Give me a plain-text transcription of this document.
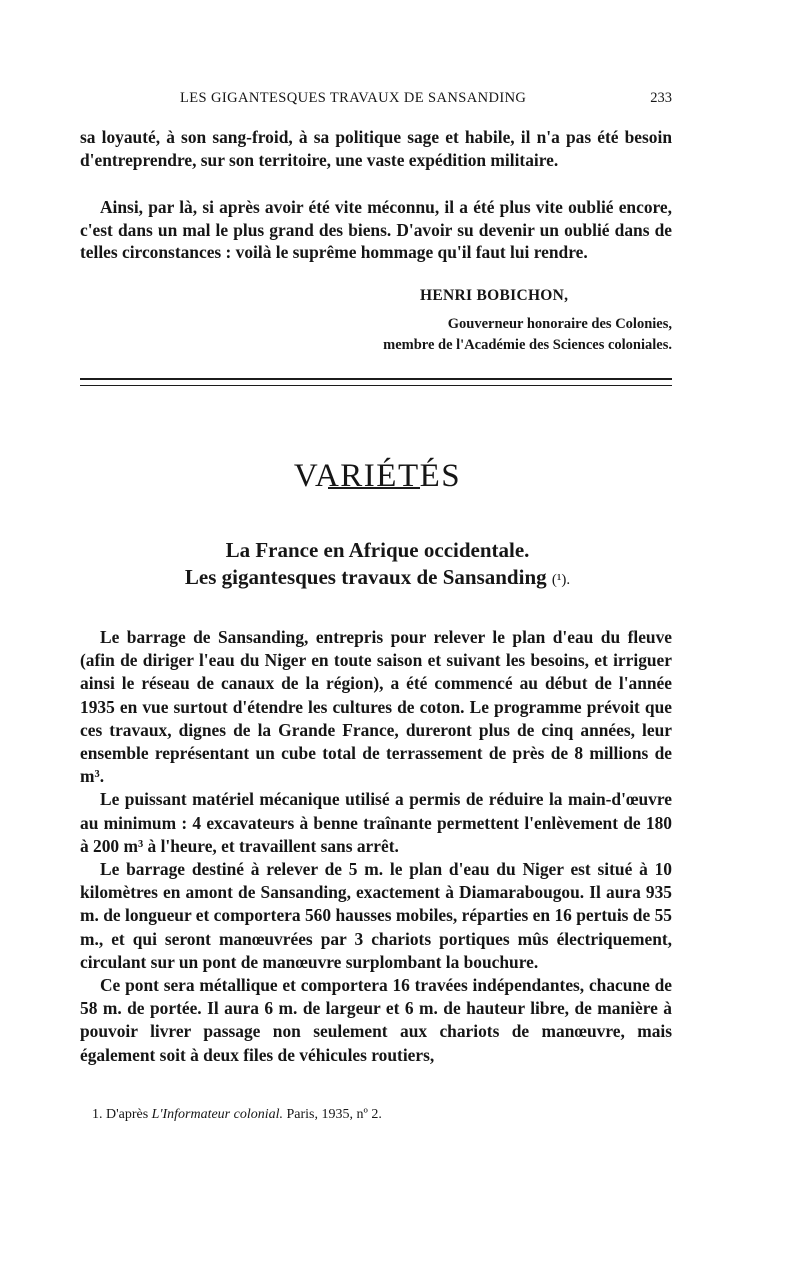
LES GIGANTESQUES TRAVAUX DE SANSANDING	233

sa loyauté, à son sang-froid, à sa politique sage et habile, il n'a pas été besoin d'entreprendre, sur son territoire, une vaste expédition militaire.

Ainsi, par là, si après avoir été vite méconnu, il a été plus vite oublié encore, c'est dans un mal le plus grand des biens. D'avoir su devenir un oublié dans de telles circonstances : voilà le suprême hommage qu'il faut lui rendre.

HENRI BOBICHON,
Gouverneur honoraire des Colonies,
membre de l'Académie des Sciences coloniales.
VARIÉTÉS
La France en Afrique occidentale.
Les gigantesques travaux de Sansanding (¹).

Le barrage de Sansanding, entrepris pour relever le plan d'eau du fleuve (afin de diriger l'eau du Niger en toute saison et suivant les besoins, et irriguer ainsi le réseau de canaux de la région), a été commencé au début de l'année 1935 en vue surtout d'étendre les cultures de coton. Le programme prévoit que ces travaux, dignes de la Grande France, dureront plus de cinq années, leur ensemble représentant un cube total de terrassement de près de 8 millions de m³.

Le puissant matériel mécanique utilisé a permis de réduire la main-d'œuvre au minimum : 4 excavateurs à benne traînante permettent l'enlèvement de 180 à 200 m³ à l'heure, et travaillent sans arrêt.

Le barrage destiné à relever de 5 m. le plan d'eau du Niger est situé à 10 kilomètres en amont de Sansanding, exactement à Diamarabougou. Il aura 935 m. de longueur et comportera 560 hausses mobiles, réparties en 16 pertuis de 55 m., et qui seront manœuvrées par 3 chariots portiques mûs électriquement, circulant sur un pont de manœuvre surplombant la bouchure.

Ce pont sera métallique et comportera 16 travées indépendantes, chacune de 58 m. de portée. Il aura 6 m. de largeur et 6 m. de hauteur libre, de manière à pouvoir livrer passage non seulement aux chariots de manœuvre, mais également soit à deux files de véhicules routiers,

1. D'après L'Informateur colonial. Paris, 1935, nº 2.
